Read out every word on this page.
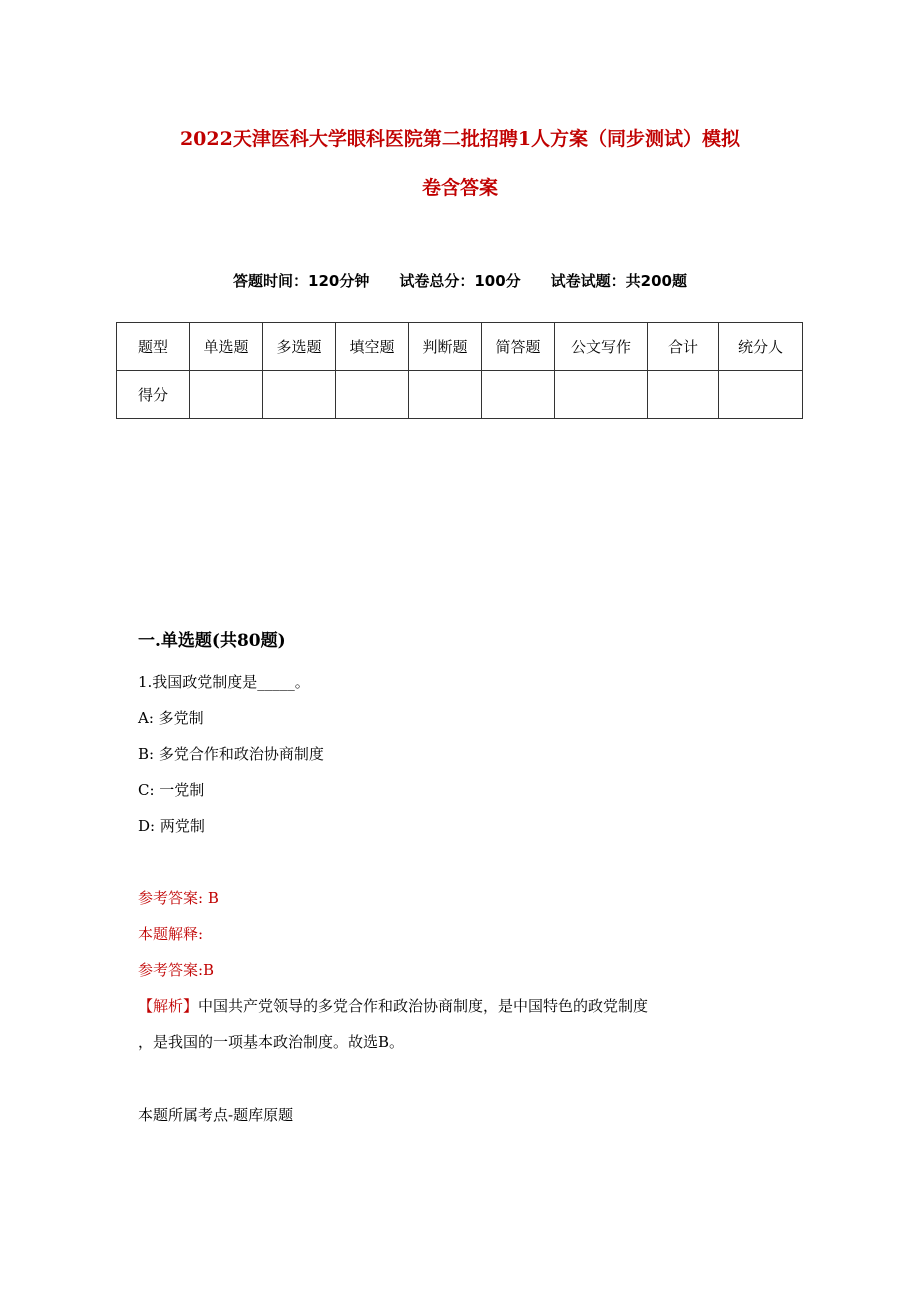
2022天津医科大学眼科医院第二批招聘1人方案（同步测试）模拟
卷含答案
答题时间：120分钟 试卷总分：100分 试卷试题：共200题
题型	单选题	多选题	填空题	判断题	简答题	公文写作	合计	统分人
得分								
一.单选题(共80题)
1.我国政党制度是_____。
A: 多党制
B: 多党合作和政治协商制度
C: 一党制
D: 两党制
参考答案: B
本题解释:
参考答案:B
【解析】中国共产党领导的多党合作和政治协商制度，是中国特色的政党制度
，是我国的一项基本政治制度。故选B。
本题所属考点-题库原题
